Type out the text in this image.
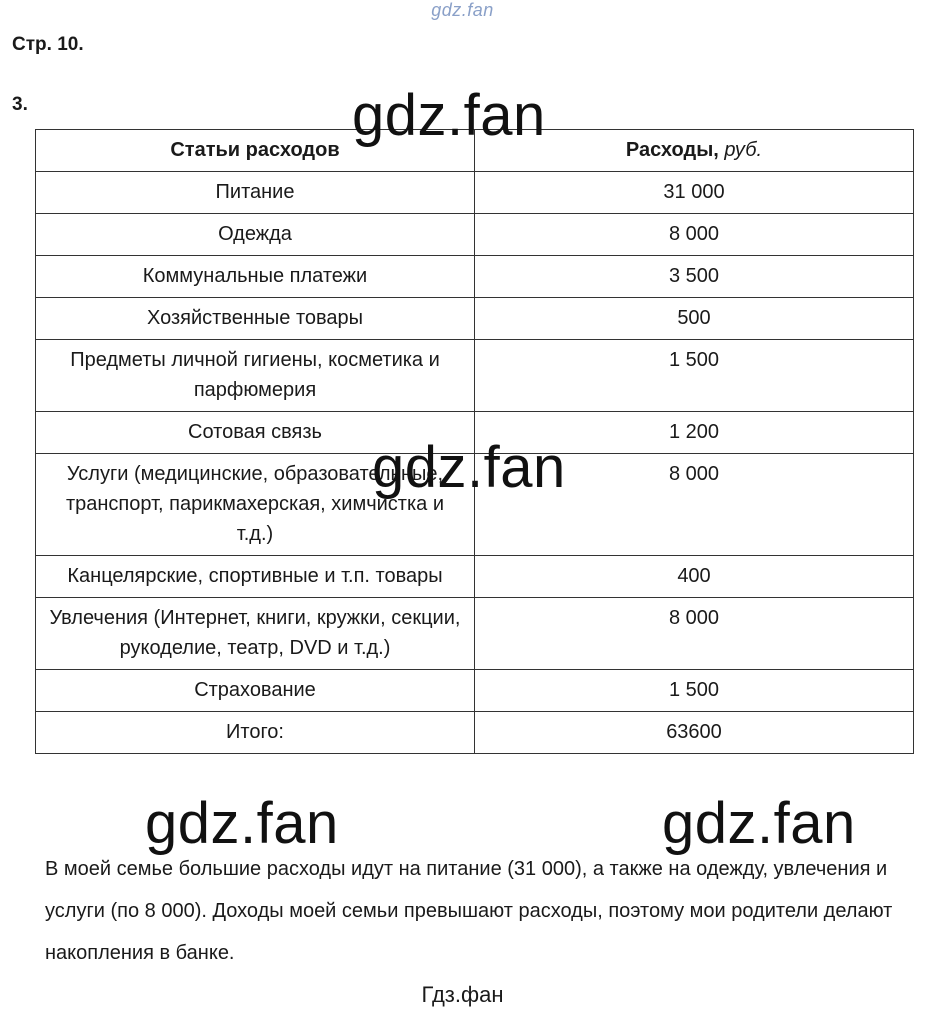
gdz.fan
Стр. 10.
3.
Статьи расходов	Расходы, руб.
Питание	31 000
Одежда	8 000
Коммунальные платежи	3 500
Хозяйственные товары	500
Предметы личной гигиены, косметика и парфюмерия	1 500
Сотовая связь	1 200
Услуги (медицинские, образовательные, транспорт, парикмахерская, химчистка и т.д.)	8 000
Канцелярские, спортивные и т.п. товары	400
Увлечения (Интернет, книги, кружки, секции, рукоделие, театр, DVD и т.д.)	8 000
Страхование	1 500
Итого:	63600
В моей семье большие расходы идут на питание (31 000), а также на одежду, увлечения и услуги (по 8 000). Доходы моей семьи превышают расходы, поэтому мои родители делают накопления в банке.
gdz.fan
gdz.fan
gdz.fan	gdz.fan
Гдз.фан
